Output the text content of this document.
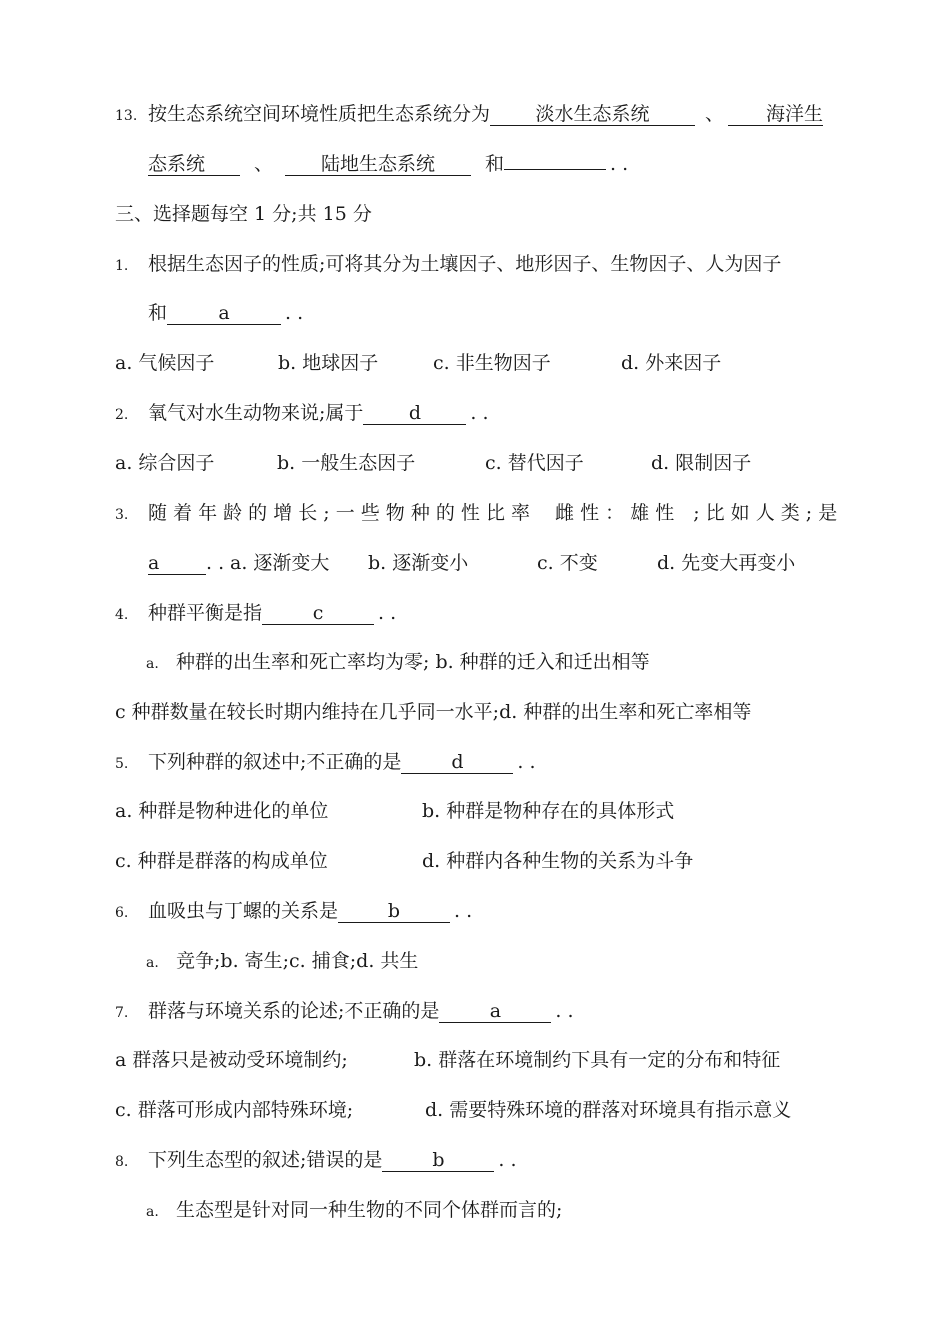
13. 按生态系统空间环境性质把生态系统分为 淡水生态系统	、 海洋生
态系统	、	陆地生态系统	和	. .
三、选择题每空 1 分;共 15 分
1. 根据生态因子的性质;可将其分为土壤因子、地形因子、生物因子、人为因子
和	a	. .
a. 气候因子	b. 地球因子	c. 非生物因子	d. 外来因子
2. 氧气对水生动物来说;属于 d	. .
a. 综合因子	b. 一般生态因子	c. 替代因子	d. 限制因子
3. 随 着 年 龄 的 增 长 ; 一 些 物 种 的 性 比 率　 雌 性 ： 雄 性　; 比 如 人 类 ; 是
a . . a. 逐渐变大 b. 逐渐变小	c. 不变	d. 先变大再变小
4. 种群平衡是指	c	. .
a. 种群的出生率和死亡率均为零; b. 种群的迁入和迁出相等
c 种群数量在较长时期内维持在几乎同一水平;d. 种群的出生率和死亡率相等
5. 下列种群的叙述中;不正确的是	d	. .
a. 种群是物种进化的单位	b. 种群是物种存在的具体形式
c. 种群是群落的构成单位	d. 种群内各种生物的关系为斗争
6. 血吸虫与丁螺的关系是	b	. .
a. 竞争;b. 寄生;c. 捕食;d. 共生
7. 群落与环境关系的论述;不正确的是	a	. .
a 群落只是被动受环境制约;	b. 群落在环境制约下具有一定的分布和特征
c. 群落可形成内部特殊环境;	d. 需要特殊环境的群落对环境具有指示意义
8. 下列生态型的叙述;错误的是	b	. .
a. 生态型是针对同一种生物的不同个体群而言的;
